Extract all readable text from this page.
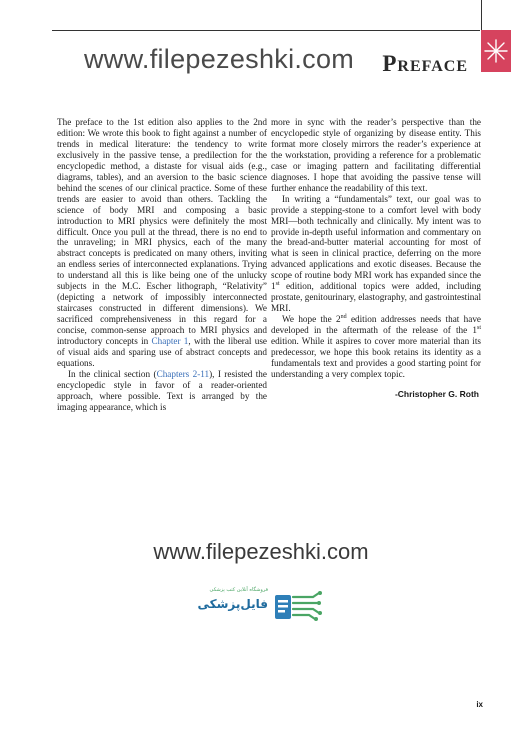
www.filepezeshki.com Preface

The preface to the 1st edition also applies to the 2nd edition: We wrote this book to fight against a number of trends in medical literature: the tendency to write exclusively in the passive tense, a predilection for the encyclopedic method, a distaste for visual aids (e.g., diagrams, tables), and an aversion to the basic science behind the scenes of our clinical practice. Some of these trends are easier to avoid than others. Tackling the science of body MRI and composing a basic introduction to MRI physics were definitely the most difficult. Once you pull at the thread, there is no end to the unraveling; in MRI physics, each of the many abstract concepts is predicated on many others, inviting an endless series of interconnected explanations. Trying to understand all this is like being one of the unlucky subjects in the M.C. Escher lithograph, “Relativity” (depicting a network of impossibly interconnected staircases constructed in different dimensions). We sacrificed comprehensiveness in this regard for a concise, common-sense approach to MRI physics and introductory concepts in Chapter 1, with the liberal use of visual aids and sparing use of abstract concepts and equations.

In the clinical section (Chapters 2-11), I resisted the encyclopedic style in favor of a reader-oriented approach, where possible. Text is arranged by the imaging appearance, which is

more in sync with the reader’s perspective than the encyclopedic style of organizing by disease entity. This format more closely mirrors the reader’s experience at the workstation, providing a reference for a problematic case or imaging pattern and facilitating differential diagnoses. I hope that avoiding the passive tense will further enhance the readability of this text.

In writing a “fundamentals” text, our goal was to provide a stepping-stone to a comfort level with body MRI—both technically and clinically. My intent was to provide in-depth useful information and commentary on the bread-and-butter material accounting for most of what is seen in clinical practice, deferring on the more advanced applications and exotic diseases. Because the scope of routine body MRI work has expanded since the 1st edition, additional topics were added, including prostate, genitourinary, elastography, and gastrointestinal MRI.

We hope the 2nd edition addresses needs that have developed in the aftermath of the release of the 1st edition. While it aspires to cover more material than its predecessor, we hope this book retains its identity as a fundamentals text and provides a good starting point for understanding a very complex topic.

-Christopher G. Roth
www.filepezeshki.com
فروشگاه آنلاین کتب پزشکی
فایل‌پزشکی
ix
